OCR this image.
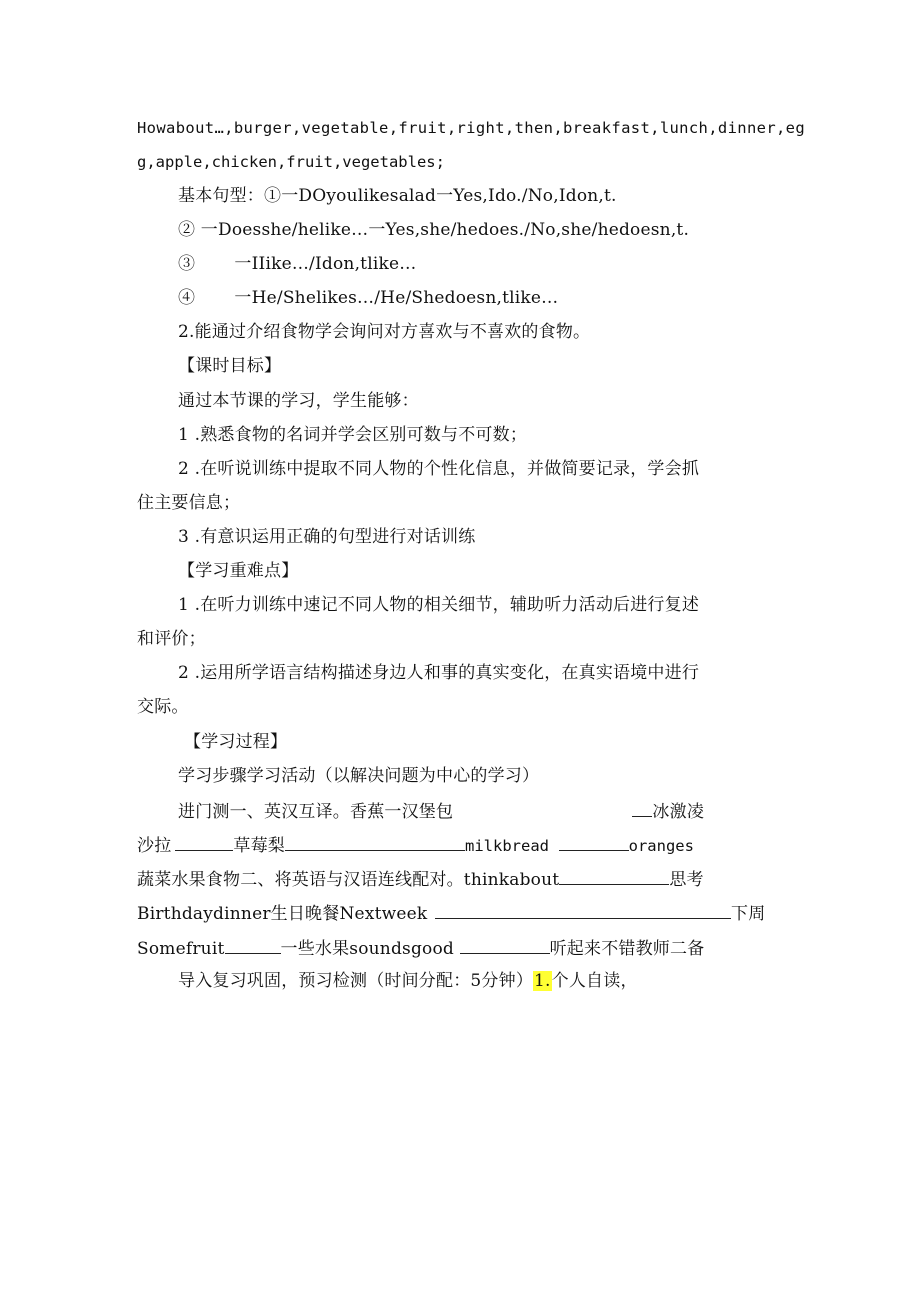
Howabout…,burger,vegetable,fruit,right,then,breakfast,lunch,dinner,eg
g,apple,chicken,fruit,vegetables;
基本句型：①一DOyoulikesalad一Yes,Ido./No,Idon,t.
② 一Doesshe/helike…一Yes,she/hedoes./No,she/hedoesn,t.
③       一IIike…/Idon,tlike…
④       一He/Shelikes…/He/Shedoesn,tlike…
2.能通过介绍食物学会询问对方喜欢与不喜欢的食物。
【课时目标】
通过本节课的学习，学生能够：
1 .熟悉食物的名词并学会区别可数与不可数；
2 .在听说训练中提取不同人物的个性化信息，并做简要记录，学会抓
住主要信息；
3 .有意识运用正确的句型进行对话训练
【学习重难点】
1 .在听力训练中速记不同人物的相关细节，辅助听力活动后进行复述
和评价；
2 .运用所学语言结构描述身边人和事的真实变化，在真实语境中进行
交际。
【学习过程】
学习步骤学习活动（以解决问题为中心的学习）
进门测一、英汉互译。香蕉一汉堡包	冰激凌
沙拉	草莓梨	milkbread	oranges
蔬菜水果食物二、将英语与汉语连线配对。thinkabout	思考
Birthdaydinner生日晚餐Nextweek	下周
Somefruit	一些水果soundsgood	听起来不错教师二备
导入复习巩固，预习检测（时间分配：5分钟）1.个人自读，
